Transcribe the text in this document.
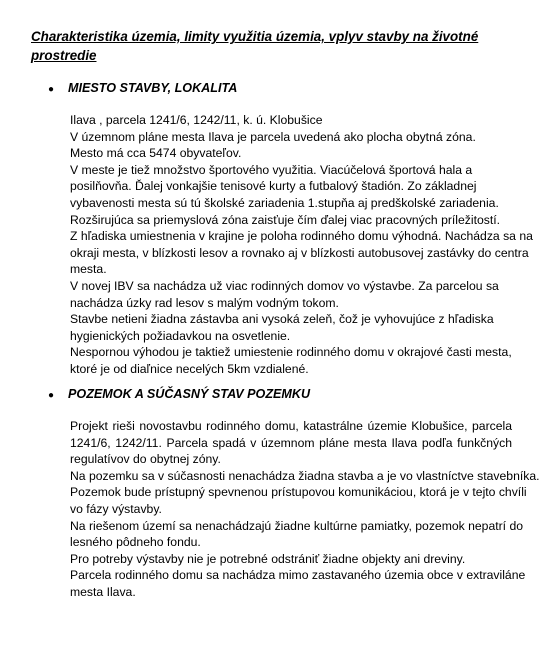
Charakteristika územia, limity využitia územia, vplyv stavby na životné
prostredie
● MIESTO STAVBY, LOKALITA
Ilava , parcela 1241/6, 1242/11, k. ú. Klobušice
V územnom pláne mesta Ilava je parcela uvedená ako plocha obytná zóna.
Mesto má cca 5474 obyvateľov.
V meste je tiež množstvo športového využitia. Viacúčelová športová hala a
posilňovňa. Ďalej vonkajšie tenisové kurty a futbalový štadión. Zo základnej
vybavenosti mesta sú tú školské zariadenia 1.stupňa aj predškolské zariadenia.
Rozširujúca sa priemyslová zóna zaisťuje čím ďalej viac pracovných príležitostí.
Z hľadiska umiestnenia v krajine je poloha rodinného domu výhodná. Nachádza sa na
okraji mesta, v blízkosti lesov a rovnako aj v blízkosti autobusovej zastávky do centra
mesta.
V novej IBV sa nachádza už viac rodinných domov vo výstavbe. Za parcelou sa
nachádza úzky rad lesov s malým vodným tokom.
Stavbe netieni žiadna zástavba ani vysoká zeleň, čož je vyhovujúce z hľadiska
hygienických požiadavkou na osvetlenie.
Nespornou výhodou je taktiež umiestenie rodinného domu v okrajové časti mesta,
ktoré je od diaľnice necelých 5km vzdialené.
● POZEMOK A SÚČASNÝ STAV POZEMKU
Projekt rieši novostavbu rodinného domu, katastrálne územie Klobušice, parcela
1241/6, 1242/11. Parcela spadá v územnom pláne mesta Ilava podľa funkčných
regulatívov do obytnej zóny.
Na pozemku sa v súčasnosti nenachádza žiadna stavba a je vo vlastníctve stavebníka.
Pozemok bude prístupný spevnenou prístupovou komunikáciou, ktorá je v tejto chvíli
vo fázy výstavby.
Na riešenom území sa nenachádzajú žiadne kultúrne pamiatky, pozemok nepatrí do
lesného pôdneho fondu.
Pro potreby výstavby nie je potrebné odstrániť žiadne objekty ani dreviny.
Parcela rodinného domu sa nachádza mimo zastavaného územia obce v extraviláne
mesta Ilava.
